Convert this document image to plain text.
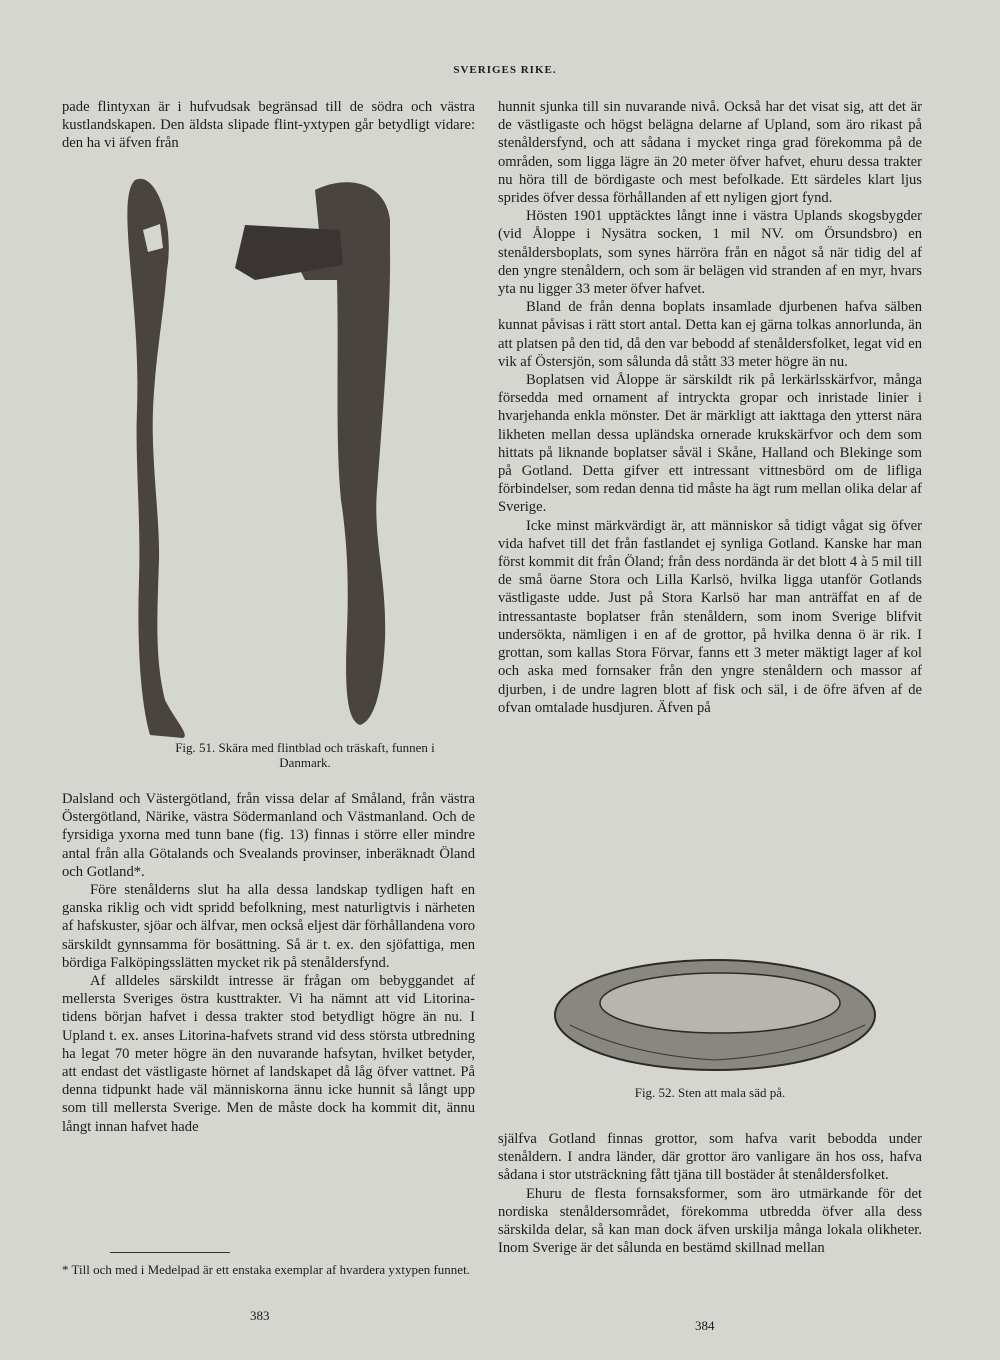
SVERIGES RIKE.

pade flintyxan är i hufvudsak begränsad till de södra och västra kustlandskapen. Den äldsta slipade flint-yxtypen går betydligt vidare: den ha vi äfven från

Fig. 51. Skära med flintblad och träskaft, funnen i Danmark.

Dalsland och Västergötland, från vissa delar af Småland, från västra Östergötland, Närike, västra Södermanland och Västmanland. Och de fyrsidiga yxorna med tunn bane (fig. 13) finnas i större eller mindre antal från alla Götalands och Svealands provinser, inberäknadt Öland och Gotland*.

Före stenålderns slut ha alla dessa landskap tydligen haft en ganska riklig och vidt spridd befolkning, mest naturligtvis i närheten af hafskuster, sjöar och älfvar, men också eljest där förhållandena voro särskildt gynnsamma för bosättning. Så är t. ex. den sjöfattiga, men bördiga Falköpingsslätten mycket rik på stenåldersfynd.

Af alldeles särskildt intresse är frågan om bebyggandet af mellersta Sveriges östra kusttrakter. Vi ha nämnt att vid Litorina-tidens början hafvet i dessa trakter stod betydligt högre än nu. I Upland t. ex. anses Litorina-hafvets strand vid dess största utbredning ha legat 70 meter högre än den nuvarande hafsytan, hvilket betyder, att endast det västligaste hörnet af landskapet då låg öfver vattnet. På denna tidpunkt hade väl människorna ännu icke hunnit så långt upp som till mellersta Sverige. Men de måste dock ha kommit dit, ännu långt innan hafvet hade

* Till och med i Medelpad är ett enstaka exemplar af hvardera yxtypen funnet.
383

hunnit sjunka till sin nuvarande nivå. Också har det visat sig, att det är de västligaste och högst belägna delarne af Upland, som äro rikast på stenåldersfynd, och att sådana i mycket ringa grad förekomma på de områden, som ligga lägre än 20 meter öfver hafvet, ehuru dessa trakter nu höra till de bördigaste och mest befolkade. Ett särdeles klart ljus sprides öfver dessa förhållanden af ett nyligen gjort fynd.

Hösten 1901 upptäcktes långt inne i västra Uplands skogsbygder (vid Åloppe i Nysätra socken, 1 mil NV. om Örsundsbro) en stenåldersboplats, som synes härröra från en något så när tidig del af den yngre stenåldern, och som är belägen vid stranden af en myr, hvars yta nu ligger 33 meter öfver hafvet.

Bland de från denna boplats insamlade djurbenen hafva sälben kunnat påvisas i rätt stort antal. Detta kan ej gärna tolkas annorlunda, än att platsen på den tid, då den var bebodd af stenåldersfolket, legat vid en vik af Östersjön, som sålunda då stått 33 meter högre än nu.

Boplatsen vid Åloppe är särskildt rik på lerkärlsskärfvor, många försedda med ornament af intryckta gropar och inristade linier i hvarjehanda enkla mönster. Det är märkligt att iakttaga den ytterst nära likheten mellan dessa upländska ornerade krukskärfvor och dem som hittats på liknande boplatser såväl i Skåne, Halland och Blekinge som på Gotland. Detta gifver ett intressant vittnesbörd om de lifliga förbindelser, som redan denna tid måste ha ägt rum mellan olika delar af Sverige.

Icke minst märkvärdigt är, att människor så tidigt vågat sig öfver vida hafvet till det från fastlandet ej synliga Gotland. Kanske har man först kommit dit från Öland; från dess nordända är det blott 4 à 5 mil till de små öarne Stora och Lilla Karlsö, hvilka ligga utanför Gotlands västligaste udde. Just på Stora Karlsö har man anträffat en af de intressantaste boplatser från stenåldern, som inom Sverige blifvit undersökta, nämligen i en af de grottor, på hvilka denna ö är rik. I grottan, som kallas Stora Förvar, fanns ett 3 meter mäktigt lager af kol och aska med fornsaker från den yngre stenåldern och massor af djurben, i de undre lagren blott af fisk och säl, i de öfre äfven af de ofvan omtalade husdjuren. Äfven på

Fig. 52. Sten att mala säd på.

själfva Gotland finnas grottor, som hafva varit bebodda under stenåldern. I andra länder, där grottor äro vanligare än hos oss, hafva sådana i stor utsträckning fått tjäna till bostäder åt stenåldersfolket.

Ehuru de flesta fornsaksformer, som äro utmärkande för det nordiska stenåldersområdet, förekomma utbredda öfver alla dess särskilda delar, så kan man dock äfven urskilja många lokala olikheter. Inom Sverige är det sålunda en bestämd skillnad mellan

384
